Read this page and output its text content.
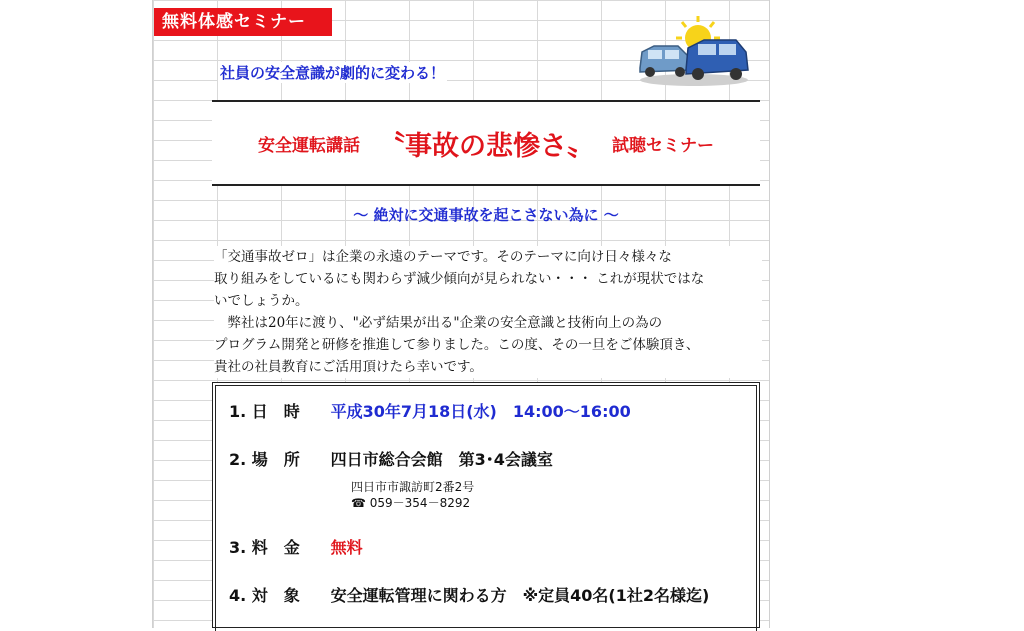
無料体感セミナー
社員の安全意識が劇的に変わる！
安全運転講話 〝事故の悲惨さ〟 試聴セミナー
～ 絶対に交通事故を起こさない為に ～

「交通事故ゼロ」は企業の永遠のテーマです。そのテーマに向け日々様々な

取り組みをしているにも関わらず減少傾向が見られない・・・ これが現状ではな

いでしょうか。

　弊社は20年に渡り、"必ず結果が出る"企業の安全意識と技術向上の為の

プログラム開発と研修を推進して参りました。この度、その一旦をご体験頂き、

貴社の社員教育にご活用頂けたら幸いです。

1. 日　時 平成30年7月18日(水)　14:00～16:00
2. 場　所 四日市総合会館　第3･4会議室
四日市市諏訪町2番2号
☎ 059－354－8292
3. 料　金 無料
4. 対　象 安全運転管理に関わる方　※定員40名(1社2名様迄)
